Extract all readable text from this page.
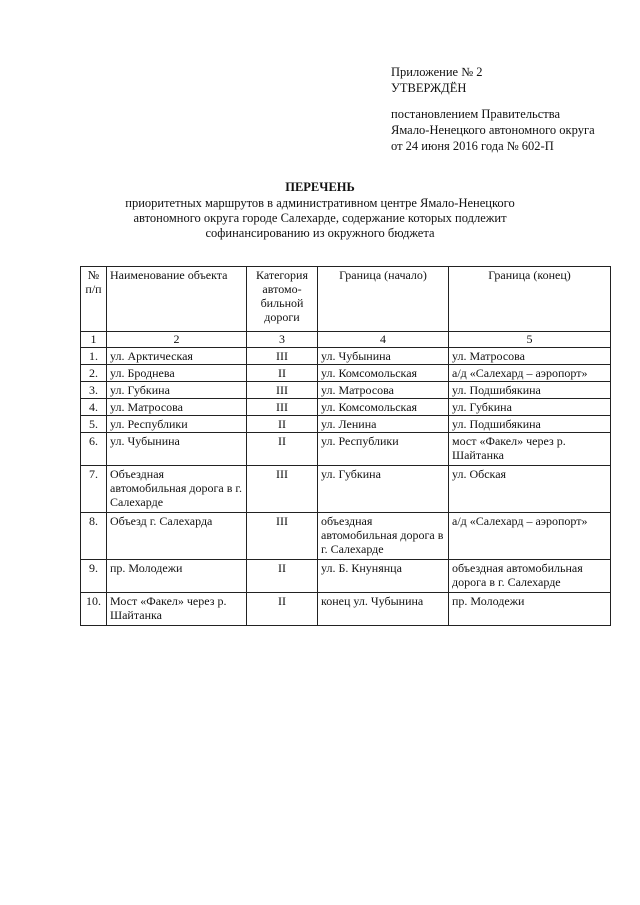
Приложение № 2
УТВЕРЖДЁН
постановлением Правительства
Ямало-Ненецкого автономного округа
от 24 июня 2016 года № 602-П
ПЕРЕЧЕНЬ
приоритетных маршрутов в административном центре Ямало-Ненецкого
автономного округа городе Салехарде, содержание которых подлежит
софинансированию из окружного бюджета
№ п/п	Наименование объекта	Категория автомо-бильной дороги	Граница (начало)	Граница (конец)
1	2	3	4	5
1.	ул. Арктическая	III	ул. Чубынина	ул. Матросова
2.	ул. Броднева	II	ул. Комсомольская	а/д «Салехард – аэропорт»
3.	ул. Губкина	III	ул. Матросова	ул. Подшибякина
4.	ул. Матросова	III	ул. Комсомольская	ул. Губкина
5.	ул. Республики	II	ул. Ленина	ул. Подшибякина
6.	ул. Чубынина	II	ул. Республики	мост «Факел» через р. Шайтанка
7.	Объездная автомобильная дорога в г. Салехарде	III	ул. Губкина	ул. Обская
8.	Объезд г. Салехарда	III	объездная автомобильная дорога в г. Салехарде	а/д «Салехард – аэропорт»
9.	пр. Молодежи	II	ул. Б. Кнунянца	объездная автомобильная дорога в г. Салехарде
10.	Мост «Факел» через р. Шайтанка	II	конец ул. Чубынина	пр. Молодежи
